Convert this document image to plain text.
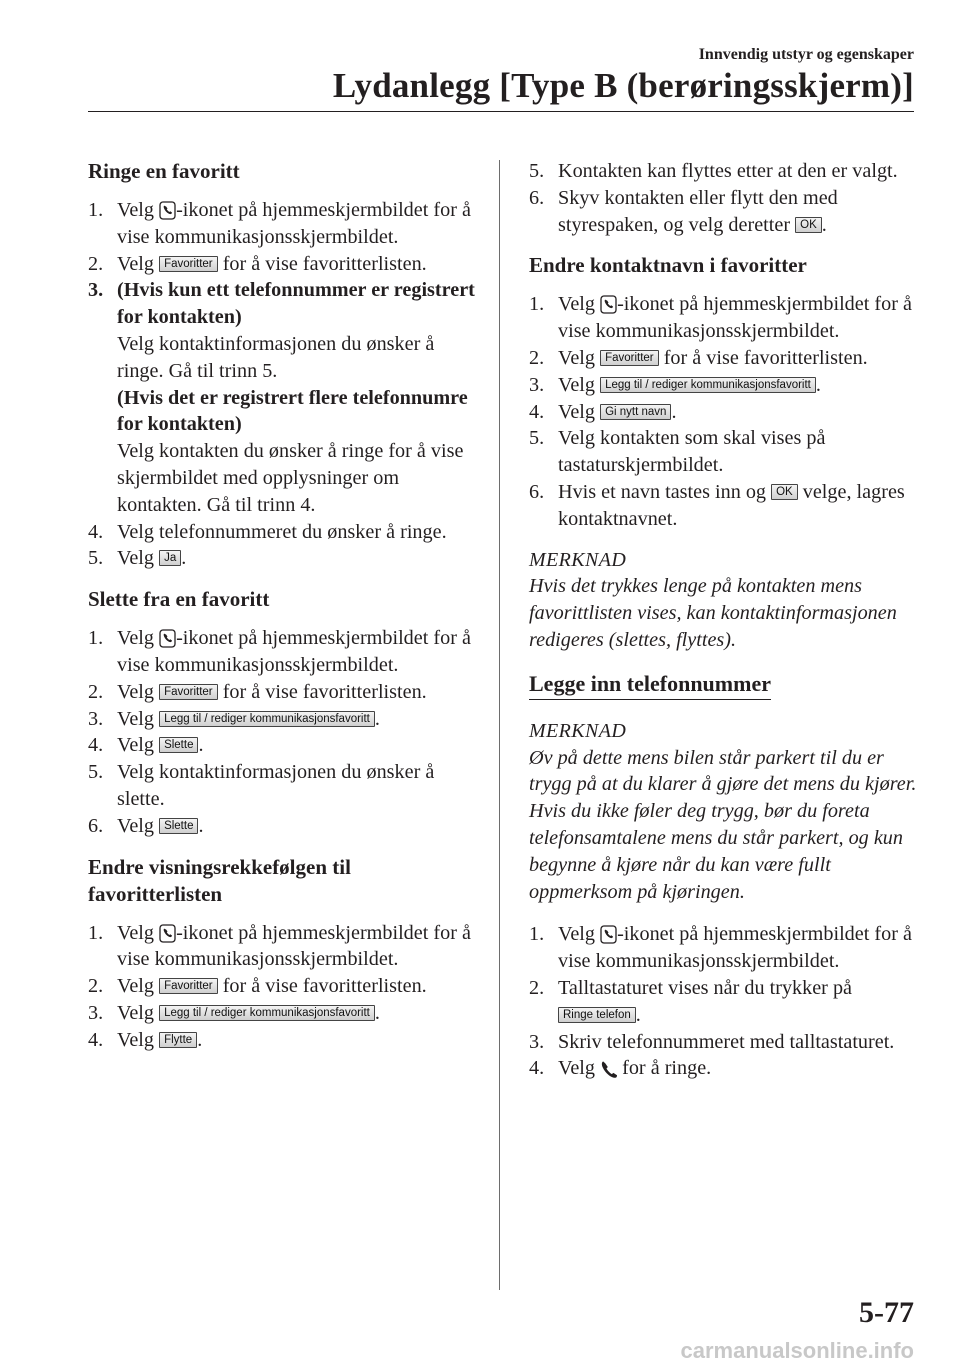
Innvendig utstyr og egenskaper
Lydanlegg [Type B (berøringsskjerm)]
Ringe en favoritt
1. Velg -ikonet på hjemmeskjermbildet for å vise kommunikasjonsskjermbildet.
2. Velg Favoritter for å vise favoritterlisten.
3. (Hvis kun ett telefonnummer er registrert for kontakten)
Velg kontaktinformasjonen du ønsker å ringe. Gå til trinn 5.
(Hvis det er registrert flere telefonnumre for kontakten)
Velg kontakten du ønsker å ringe for å vise skjermbildet med opplysninger om kontakten. Gå til trinn 4.
4. Velg telefonnummeret du ønsker å ringe.
5. Velg Ja .
Slette fra en favoritt
1. Velg -ikonet på hjemmeskjermbildet for å vise kommunikasjonsskjermbildet.
2. Velg Favoritter for å vise favoritterlisten.
3. Velg Legg til / rediger kommunikasjonsfavoritt .
4. Velg Slette .
5. Velg kontaktinformasjonen du ønsker å slette.
6. Velg Slette .
Endre visningsrekkefølgen til favoritterlisten
1. Velg -ikonet på hjemmeskjermbildet for å vise kommunikasjonsskjermbildet.
2. Velg Favoritter for å vise favoritterlisten.
3. Velg Legg til / rediger kommunikasjonsfavoritt .
4. Velg Flytte .
5. Kontakten kan flyttes etter at den er valgt.
6. Skyv kontakten eller flytt den med styrespaken, og velg deretter OK .
Endre kontaktnavn i favoritter
1. Velg -ikonet på hjemmeskjermbildet for å vise kommunikasjonsskjermbildet.
2. Velg Favoritter for å vise favoritterlisten.
3. Velg Legg til / rediger kommunikasjonsfavoritt .
4. Velg Gi nytt navn .
5. Velg kontakten som skal vises på tastaturskjermbildet.
6. Hvis et navn tastes inn og OK velge, lagres kontaktnavnet.
MERKNAD
Hvis det trykkes lenge på kontakten mens favorittlisten vises, kan kontaktinformasjonen redigeres (slettes, flyttes).
Legge inn telefonnummer
MERKNAD
Øv på dette mens bilen står parkert til du er trygg på at du klarer å gjøre det mens du kjører. Hvis du ikke føler deg trygg, bør du foreta telefonsamtalene mens du står parkert, og kun begynne å kjøre når du kan være fullt oppmerksom på kjøringen.
1. Velg -ikonet på hjemmeskjermbildet for å vise kommunikasjonsskjermbildet.
2. Talltastaturet vises når du trykker på
Ringe telefon .
3. Skriv telefonnummeret med talltastaturet.
4. Velg for å ringe.
5-77
carmanualsonline.info
